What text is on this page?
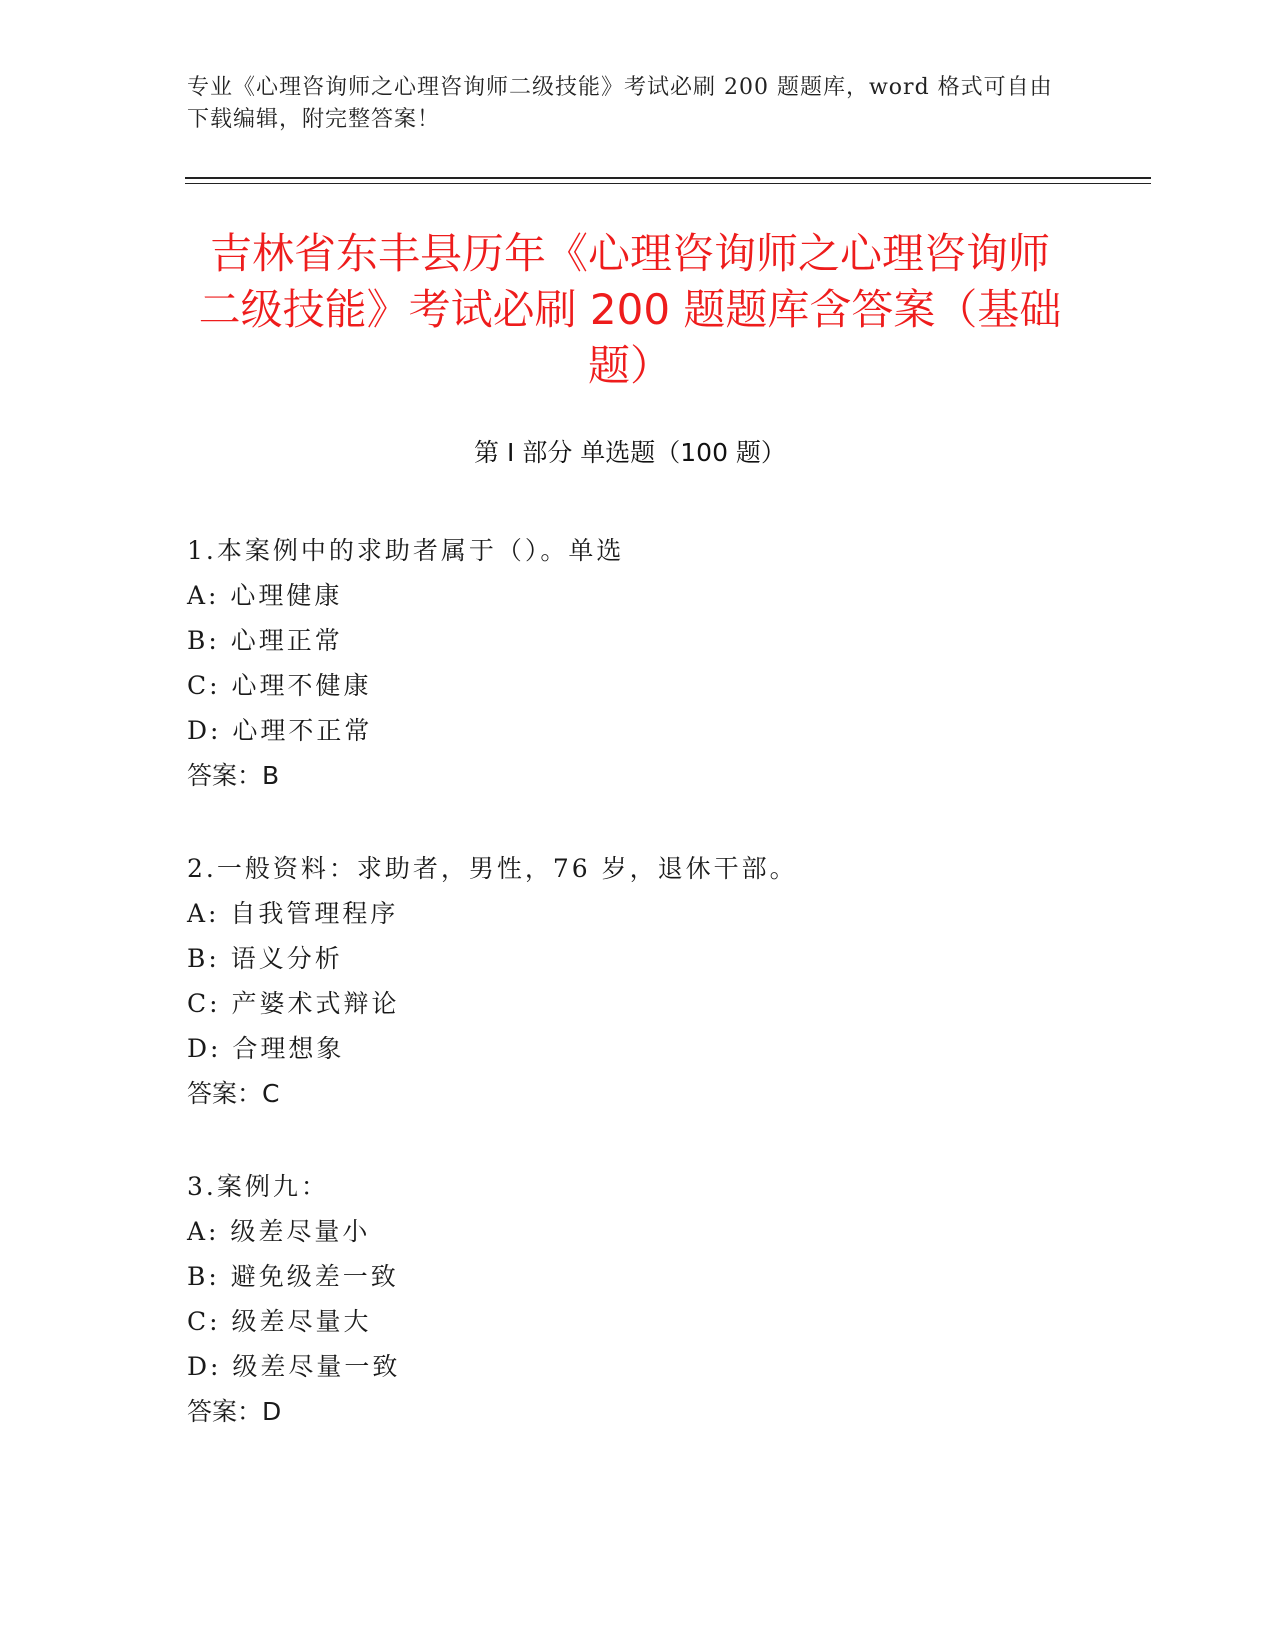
专业《心理咨询师之心理咨询师二级技能》考试必刷 200 题题库，word 格式可自由下载编辑，附完整答案！
吉林省东丰县历年《心理咨询师之心理咨询师二级技能》考试必刷 200 题题库含答案（基础题）
第 I 部分 单选题（100 题）
1.本案例中的求助者属于（）。单选
A: 心理健康
B: 心理正常
C: 心理不健康
D: 心理不正常
答案：B
2.一般资料：求助者，男性，76 岁，退休干部。
A: 自我管理程序
B: 语义分析
C: 产婆术式辩论
D: 合理想象
答案：C
3.案例九：
A: 级差尽量小
B: 避免级差一致
C: 级差尽量大
D: 级差尽量一致
答案：D
